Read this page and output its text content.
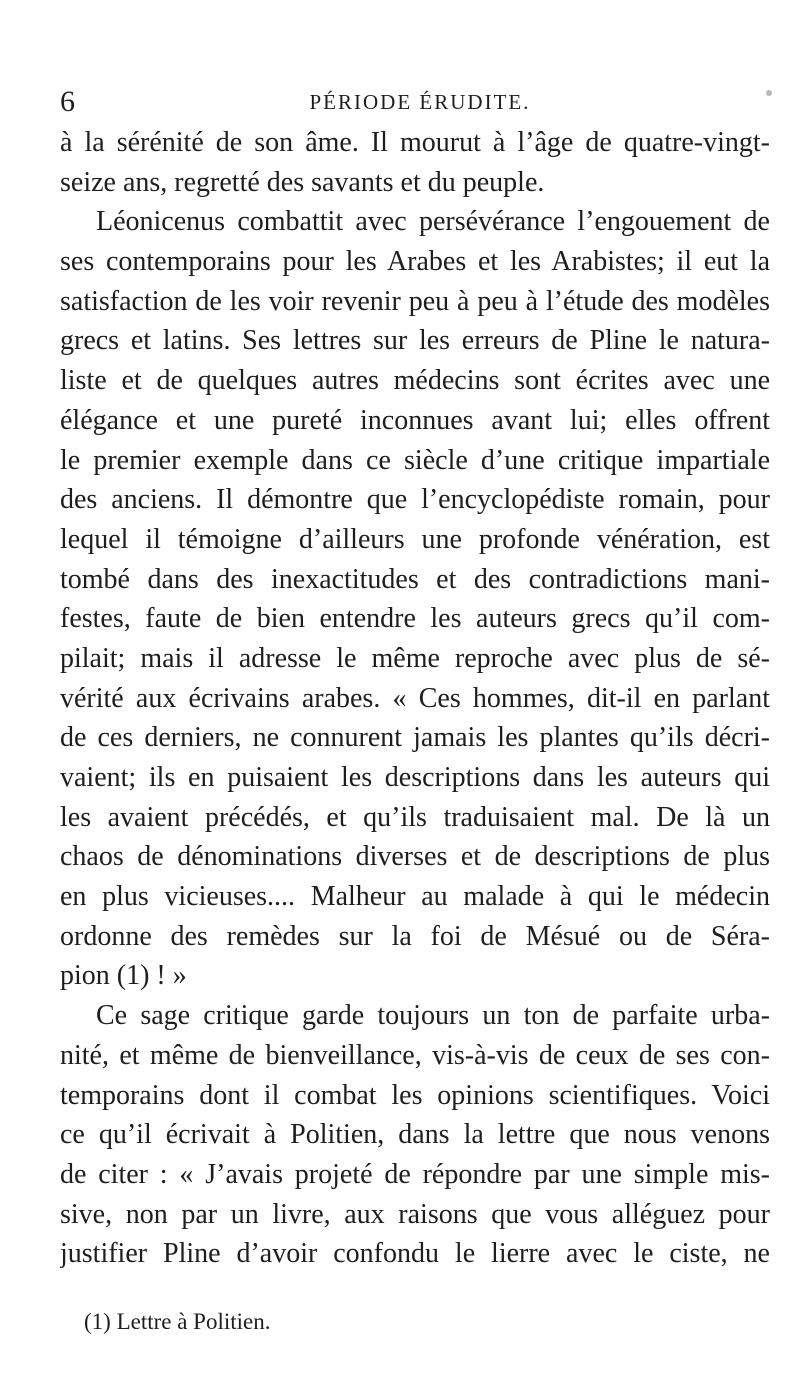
6	PÉRIODE ÉRUDITE.
à la sérénité de son âme. Il mourut à l’âge de quatre-vingt-
seize ans, regretté des savants et du peuple.
Léonicenus combattit avec persévérance l’engouement de
ses contemporains pour les Arabes et les Arabistes; il eut la
satisfaction de les voir revenir peu à peu à l’étude des modèles
grecs et latins. Ses lettres sur les erreurs de Pline le natura-
liste et de quelques autres médecins sont écrites avec une
élégance et une pureté inconnues avant lui; elles offrent
le premier exemple dans ce siècle d’une critique impartiale
des anciens. Il démontre que l’encyclopédiste romain, pour
lequel il témoigne d’ailleurs une profonde vénération, est
tombé dans des inexactitudes et des contradictions mani-
festes, faute de bien entendre les auteurs grecs qu’il com-
pilait; mais il adresse le même reproche avec plus de sé-
vérité aux écrivains arabes. « Ces hommes, dit-il en parlant
de ces derniers, ne connurent jamais les plantes qu’ils décri-
vaient; ils en puisaient les descriptions dans les auteurs qui
les avaient précédés, et qu’ils traduisaient mal. De là un
chaos de dénominations diverses et de descriptions de plus
en plus vicieuses.... Malheur au malade à qui le médecin
ordonne des remèdes sur la foi de Mésué ou de Séra-
pion (1) ! »
Ce sage critique garde toujours un ton de parfaite urba-
nité, et même de bienveillance, vis-à-vis de ceux de ses con-
temporains dont il combat les opinions scientifiques. Voici
ce qu’il écrivait à Politien, dans la lettre que nous venons
de citer : « J’avais projeté de répondre par une simple mis-
sive, non par un livre, aux raisons que vous alléguez pour
justifier Pline d’avoir confondu le lierre avec le ciste, ne
(1) Lettre à Politien.
